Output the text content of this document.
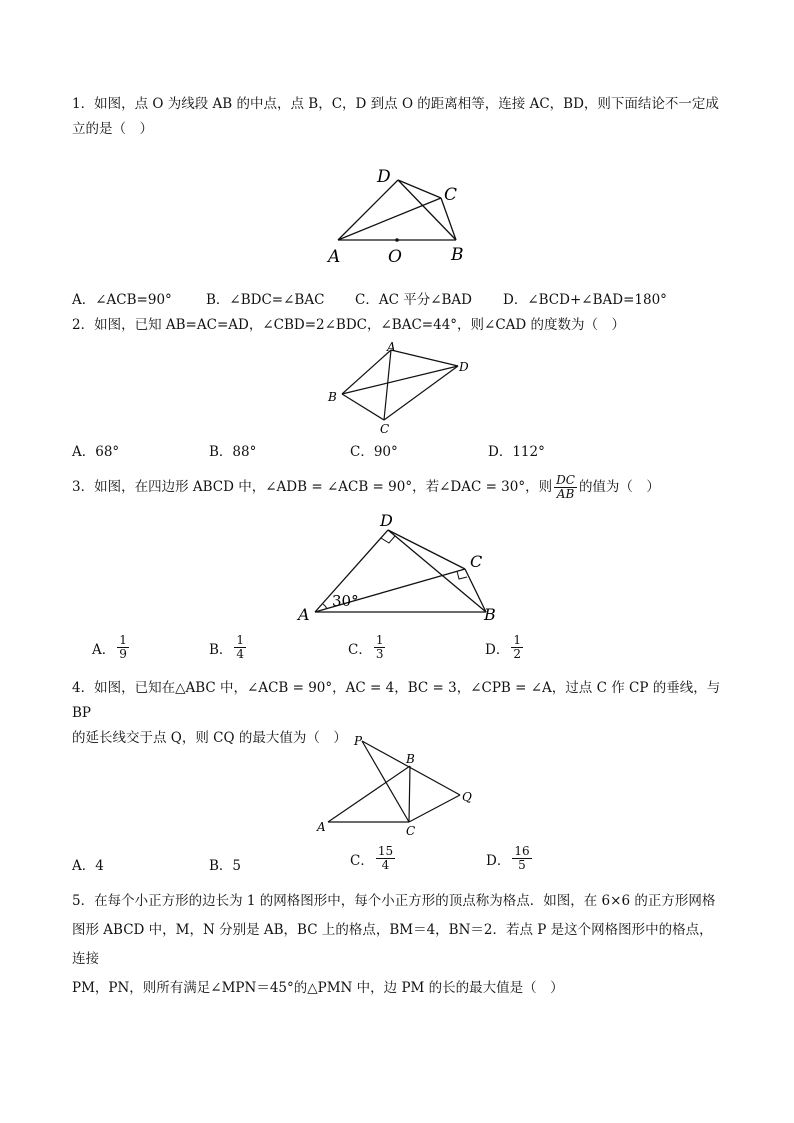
1．如图，点 O 为线段 AB 的中点，点 B，C，D 到点 O 的距离相等，连接 AC，BD，则下面结论不一定成
立的是（　）
A	O	B
C
D
A．∠ACB=90°	B．∠BDC=∠BAC C．AC 平分∠BAD D．∠BCD+∠BAD=180°
2．如图，已知 AB=AC=AD，∠CBD=2∠BDC，∠BAC=44°，则∠CAD 的度数为（　）
A
B
C
D
A．68°	B．88°	C．90°	D．112°
3．如图，在四边形 ABCD 中，∠ADB = ∠ACB = 90°，若∠DAC = 30°，则 $\frac{DC}{AB}$ 的值为（　）
30°
A	B
C
D
A． $\frac{1}{9}$	B． $\frac{1}{4}$	C． $\frac{1}{3}$	D． $\frac{1}{2}$
4．如图，已知在△ABC 中，∠ACB = 90°，AC = 4，BC = 3，∠CPB = ∠A，过点 C 作 CP 的垂线，与 BP
的延长线交于点 Q，则 CQ 的最大值为（　） P
B
Q
A	C
A．4	B．5	C． $\frac{15}{4}$	D． $\frac{16}{5}$
5．在每个小正方形的边长为 1 的网格图形中，每个小正方形的顶点称为格点．如图，在 6×6 的正方形网格
图形 ABCD 中，M，N 分别是 AB，BC 上的格点，BM＝4，BN＝2．若点 P 是这个网格图形中的格点，连接
PM，PN，则所有满足∠MPN＝45°的△PMN 中，边 PM 的长的最大值是（　）
